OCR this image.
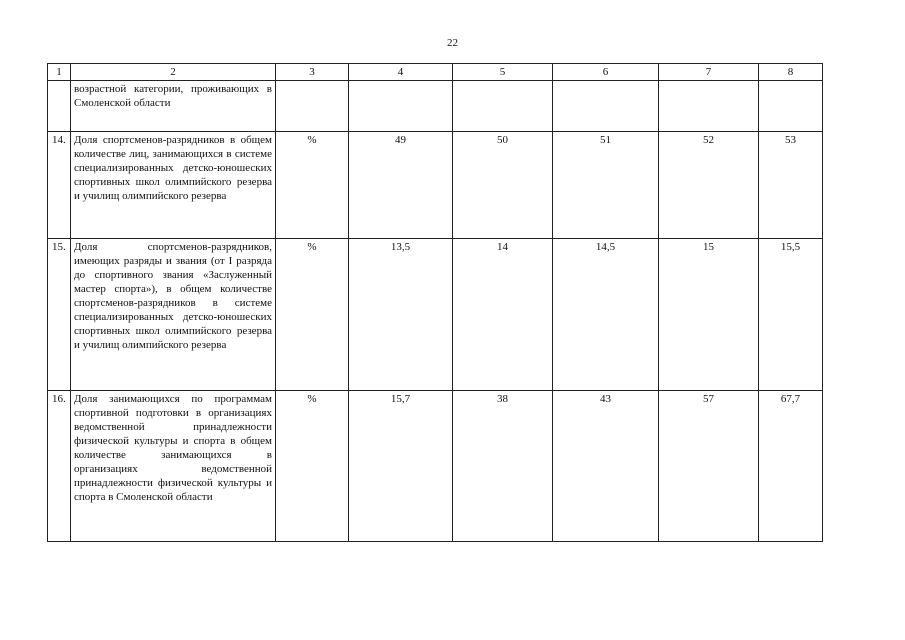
22
1	2	3	4	5	6	7	8
	возрастной категории, проживающих в Смоленской области						
14.	Доля спортсменов-разрядников в общем количестве лиц, занимающихся в системе специализированных детско-юношеских спортивных школ олимпийского резерва и училищ олимпийского резерва	%	49	50	51	52	53
15.	Доля спортсменов-разрядников, имеющих разряды и звания (от I разряда до спортивного звания «Заслуженный мастер спорта»), в общем количестве спортсменов-разрядников в системе специализированных детско-юношеских спортивных школ олимпийского резерва и училищ олимпийского резерва	%	13,5	14	14,5	15	15,5
16.	Доля занимающихся по программам спортивной подготовки в организациях ведомственной принадлежности физической культуры и спорта в общем количестве занимающихся в организациях ведомственной принадлежности физической культуры и спорта в Смоленской области	%	15,7	38	43	57	67,7
